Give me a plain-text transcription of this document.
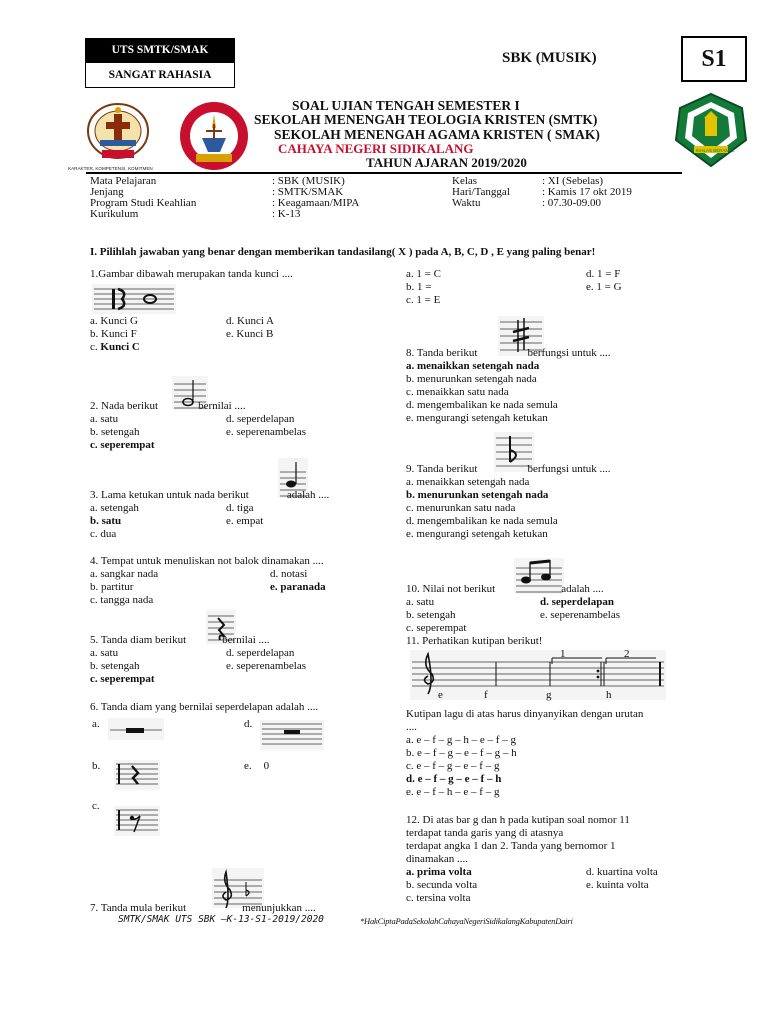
UTS SMTK/SMAK
SANGAT RAHASIA
SBK (MUSIK)	S1
KARAKTER, KOMPETENSI, KOMITMEN
IKHLAS BERAMAL
SOAL UJIAN TENGAH SEMESTER I
SEKOLAH MENENGAH TEOLOGIA KRISTEN (SMTK)
SEKOLAH MENENGAH AGAMA KRISTEN ( SMAK)
CAHAYA NEGERI SIDIKALANG
TAHUN AJARAN 2019/2020
Mata Pelajaran	: SBK (MUSIK)
Jenjang	: SMTK/SMAK
Program Studi Keahlian	: Keagamaan/MIPA
Kurikulum	: K-13
Kelas	: XI (Sebelas)
Hari/Tanggal	: Kamis 17 okt 2019
Waktu	: 07.30-09.00
I. Pilihlah jawaban yang benar dengan memberikan tandasilang( X ) pada A, B, C, D , E yang paling benar!
1.Gambar dibawah merupakan tanda kunci ....
a. Kunci G
b. Kunci F
c. Kunci C
d. Kunci A
e. Kunci B
2. Nada berikut	bernilai ....
a. satu
b. setengah
c. seperempat
d. seperdelapan
e. seperenambelas
3. Lama ketukan untuk nada berikut	adalah ....
a. setengah
b. satu
c. dua
d. tiga
e. empat
4. Tempat untuk menuliskan not balok dinamakan ....
a. sangkar nada
b. partitur
c. tangga nada
d. notasi
e. paranada
5. Tanda diam berikut	bernilai ....
a. satu
b. setengah
c. seperempat
d. seperdelapan
e. seperenambelas
6. Tanda diam yang bernilai seperdelapan adalah ....
a.	d.
b.	e. 0
c.
7. Tanda mula berikut	menunjukkan ....
a. 1 = C
b. 1 =
c. 1 = E
d. 1 = F
e. 1 = G
8. Tanda berikut	berfungsi untuk ....
a. menaikkan setengah nada
b. menurunkan setengah nada
c. menaikkan satu nada
d. mengembalikan ke nada semula
e. mengurangi setengah ketukan
9. Tanda berikut	berfungsi untuk ....
a. menaikkan setengah nada
b. menurunkan setengah nada
c. menurunkan satu nada
d. mengembalikan ke nada semula
e. mengurangi setengah ketukan
10. Nilai not berikut	adalah ....
a. satu
b. setengah
c. seperempat
d. seperdelapan
e. seperenambelas
11. Perhatikan kutipan berikut!
1	2
e	f	g	h
Kutipan lagu di atas harus dinyanyikan dengan urutan
....
a. e – f – g – h – e – f – g
b. e – f – g – e – f – g – h
c. e – f – g – e – f – g
d. e – f – g – e – f – h
e. e – f – h – e – f – g
12. Di atas bar g dan h pada kutipan soal nomor 11
terdapat tanda garis yang di atasnya
terdapat angka 1 dan 2. Tanda yang bernomor 1
dinamakan ....
a. prima volta
b. secunda volta
c. tersina volta
d. kuartina volta
e. kuinta volta
SMTK/SMAK UTS SBK –K-13-S1-2019/2020	*HakCiptaPadaSekolahCahayaNegeriSidikalangKabupatenDairi
